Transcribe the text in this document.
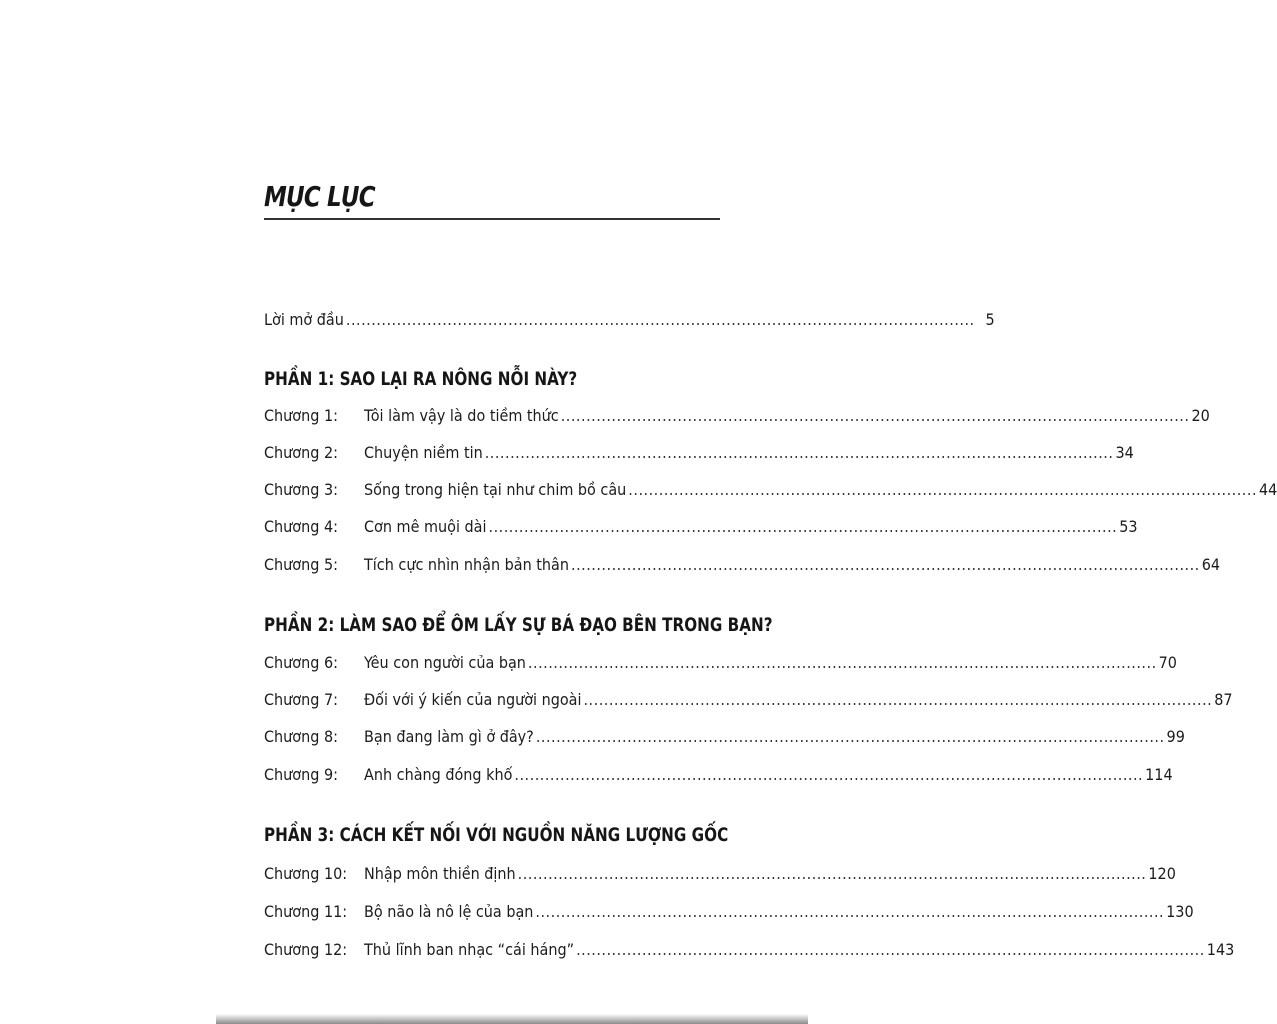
MỤC LỤC
Lời mở đầu ............................................................................................................................ 5
PHẦN 1: SAO LẠI RA NÔNG NỖI NÀY?
Chương 1:	Tôi làm vậy là do tiềm thức ............................................................................................................................ 20
Chương 2:	Chuyện niềm tin ............................................................................................................................ 34
Chương 3:	Sống trong hiện tại như chim bồ câu ............................................................................................................................ 44
Chương 4:	Cơn mê muội dài ............................................................................................................................ 53
Chương 5:	Tích cực nhìn nhận bản thân ............................................................................................................................ 64
PHẦN 2: LÀM SAO ĐỂ ÔM LẤY SỰ BÁ ĐẠO BÊN TRONG BẠN?
Chương 6:	Yêu con người của bạn ............................................................................................................................ 70
Chương 7:	Đối với ý kiến của người ngoài ............................................................................................................................ 87
Chương 8:	Bạn đang làm gì ở đây? ............................................................................................................................ 99
Chương 9:	Anh chàng đóng khố ............................................................................................................................ 114
PHẦN 3: CÁCH KẾT NỐI VỚI NGUỒN NĂNG LƯỢNG GỐC
Chương 10:	Nhập môn thiền định ............................................................................................................................ 120
Chương 11:	Bộ não là nô lệ của bạn ............................................................................................................................ 130
Chương 12:	Thủ lĩnh ban nhạc “cái háng” ............................................................................................................................ 143
